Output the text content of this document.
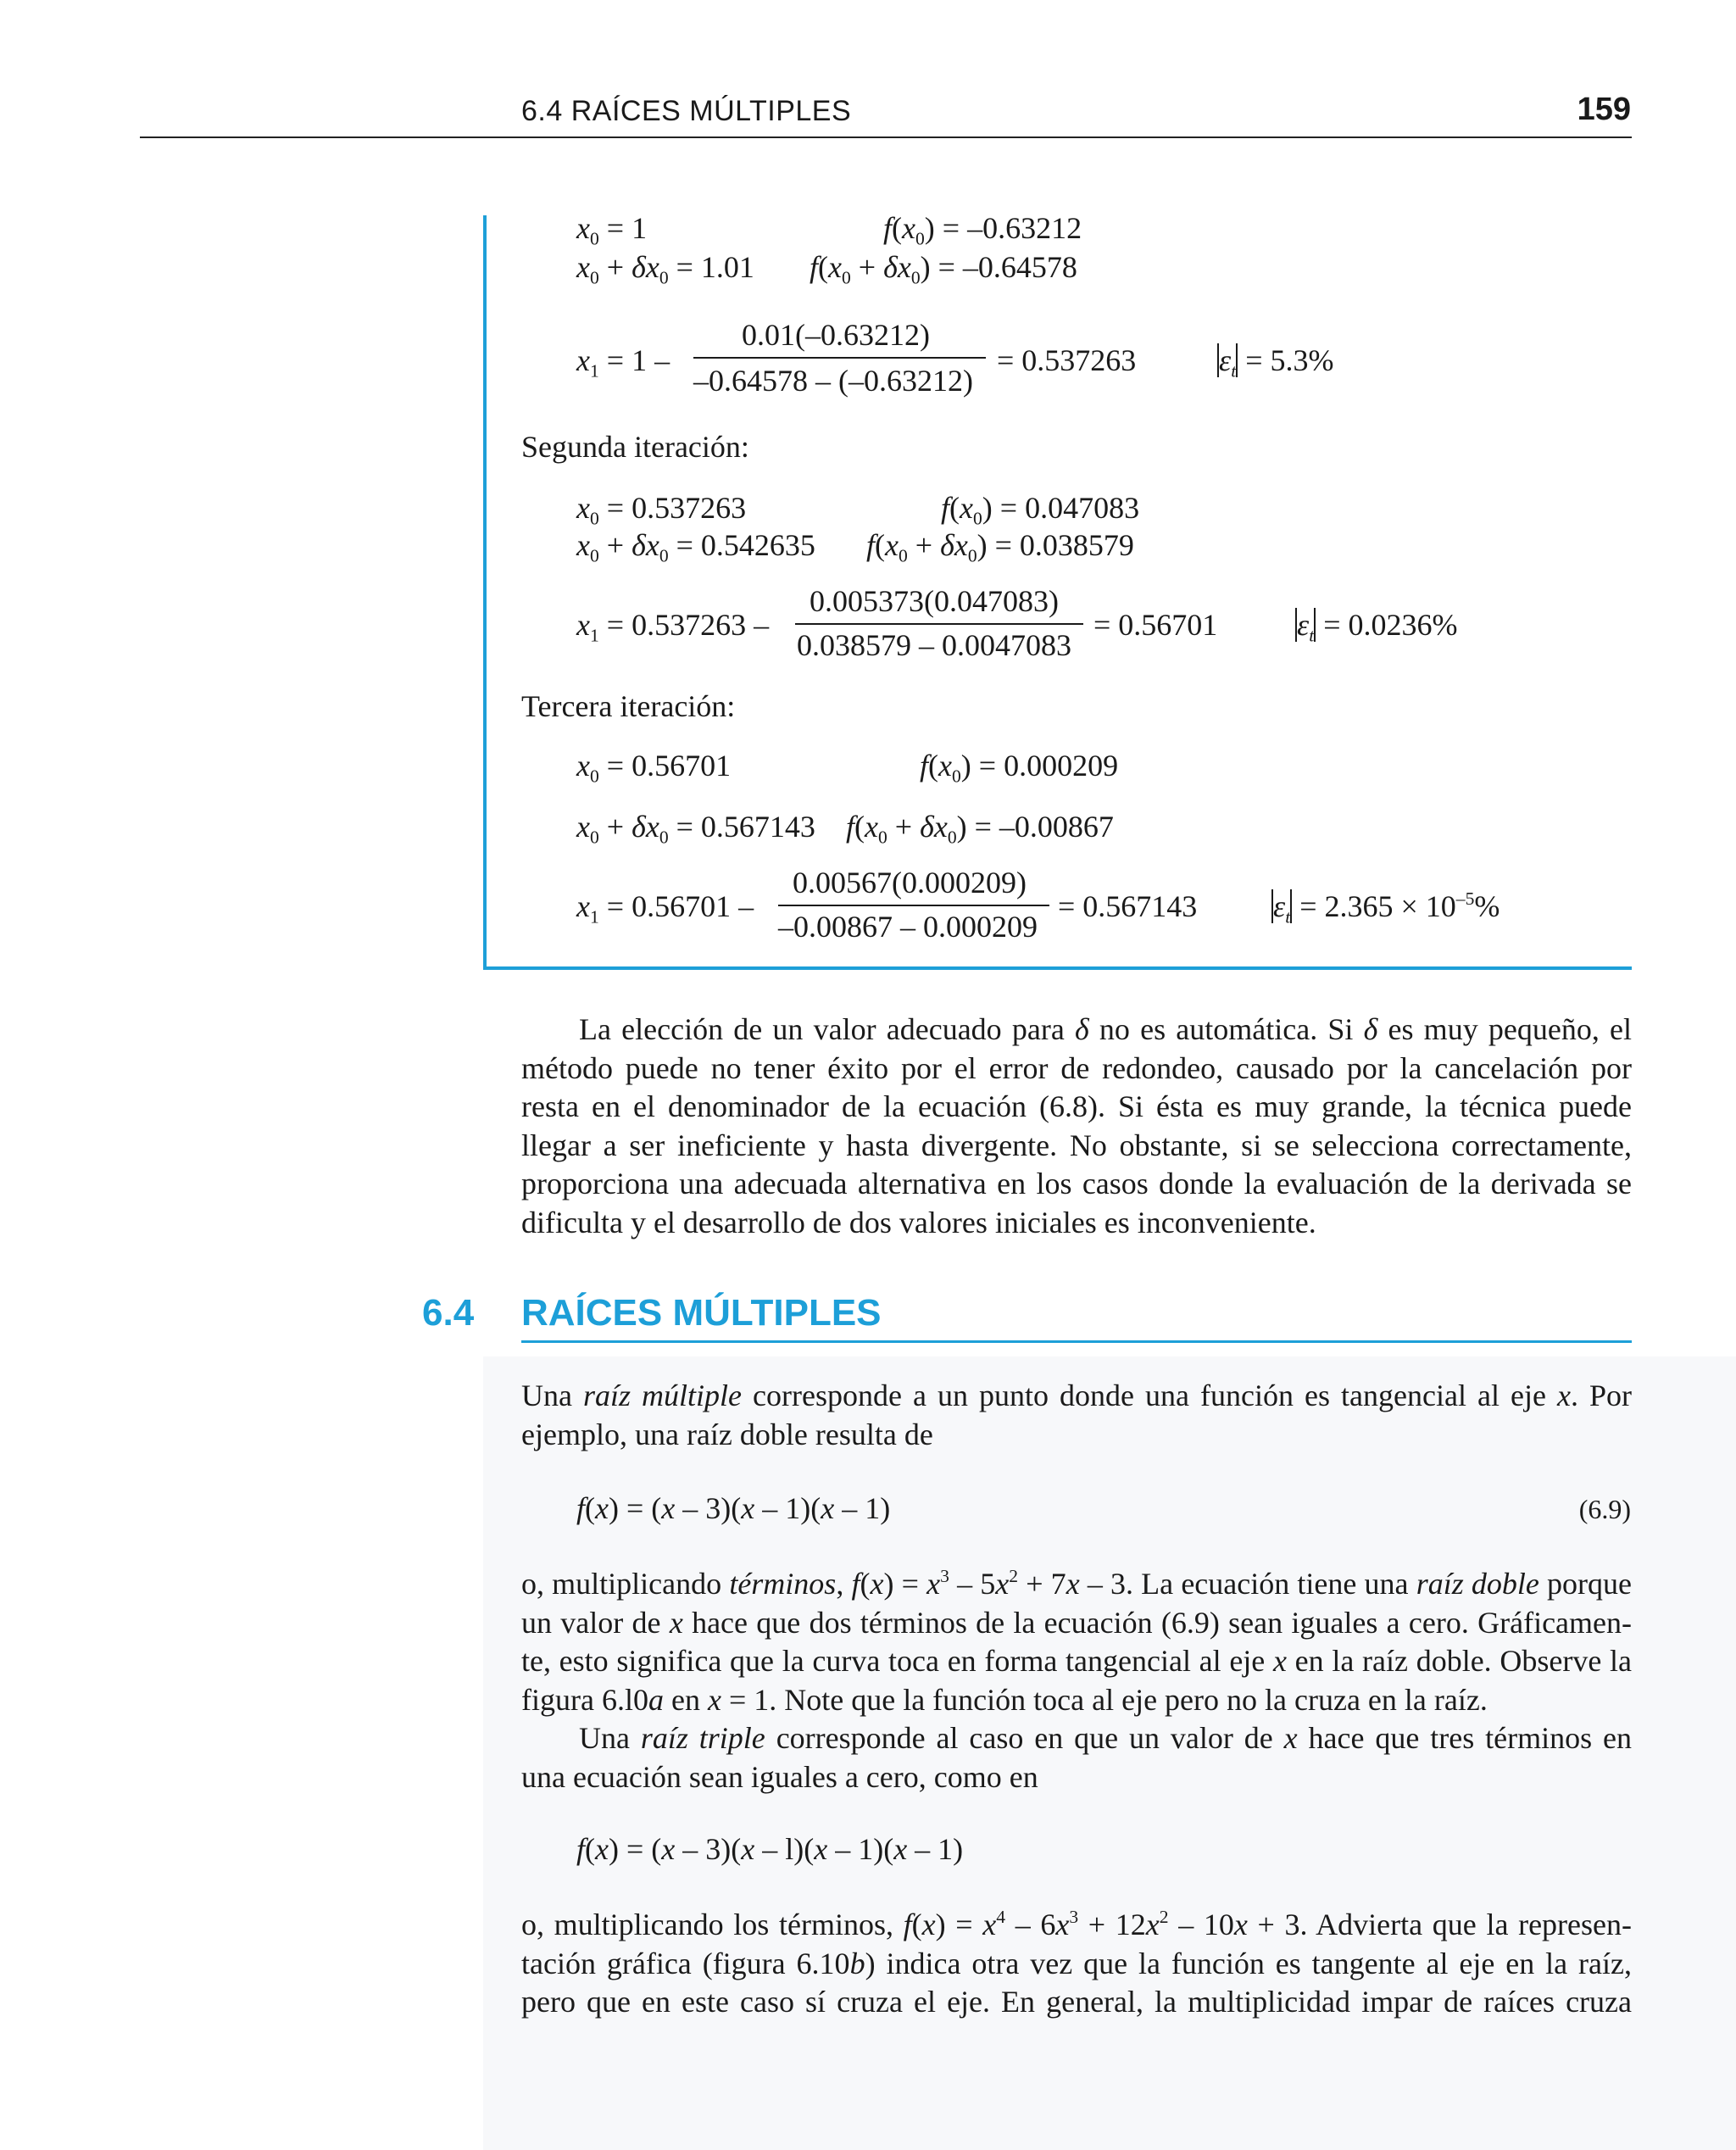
6.4 RAÍCES MÚLTIPLES	159
$x_0 = 1$	$f(x_0) = -0.63212$
$x_0 + \delta x_0 = 1.01$ $f(x_0 + \delta x_0) = -0.64578$
$x_1 = 1$ –
0.01(–0.63212)
–0.64578 – (–0.63212)
= 0.537263	$\varepsilon_t = 5.3\%$
Segunda iteración:
$x_0 = 0.537263$	$f(x_0) = 0.047083$
$x_0 + \delta x_0 = 0.542635$ $f(x_0 + \delta x_0) = 0.038579$
$x_1 = 0.537263$ –
0.005373(0.047083)
0.038579 – 0.0047083
= 0.56701	$\varepsilon_t = 0.0236\%$
Tercera iteración:
$x_0 = 0.56701$	$f(x_0) = 0.000209$
$x_0 + \delta x_0 = 0.567143$ $f(x_0 + \delta x_0) = -0.00867$
$x_1 = 0.56701$ –
0.00567(0.000209)
–0.00867 – 0.000209
= 0.567143 $\varepsilon_t = 2.365 \times 10^{-5}\%$
La elección de un valor adecuado para δ no es automática. Si δ es muy pequeño, el
método puede no tener éxito por el error de redondeo, causado por la cancelación por
resta en el denominador de la ecuación (6.8). Si ésta es muy grande, la técnica puede
llegar a ser ineficiente y hasta divergente. No obstante, si se selecciona correctamente,
proporciona una adecuada alternativa en los casos donde la evaluación de la derivada se
dificulta y el desarrollo de dos valores iniciales es inconveniente.
6.4 RAÍCES MÚLTIPLES
Una raíz múltiple corresponde a un punto donde una función es tangencial al eje x. Por
ejemplo, una raíz doble resulta de
f(x) = (x – 3)(x – 1)(x – 1)	(6.9)
o, multiplicando términos, $f(x) = x^3 - 5x^2 + 7x - 3$. La ecuación tiene una raíz doble porque
un valor de x hace que dos términos de la ecuación (6.9) sean iguales a cero. Gráficamen-
te, esto significa que la curva toca en forma tangencial al eje x en la raíz doble. Observe la
figura 6.l0a en x = 1. Note que la función toca al eje pero no la cruza en la raíz.
Una raíz triple corresponde al caso en que un valor de x hace que tres términos en
una ecuación sean iguales a cero, como en
f(x) = (x – 3)(x – l)(x – 1)(x – 1)
o, multiplicando los términos, $f(x) = x^4 - 6x^3 + 12x^2 - 10x + 3$. Advierta que la represen-
tación gráfica (figura 6.10b) indica otra vez que la función es tangente al eje en la raíz,
pero que en este caso sí cruza el eje. En general, la multiplicidad impar de raíces cruza
